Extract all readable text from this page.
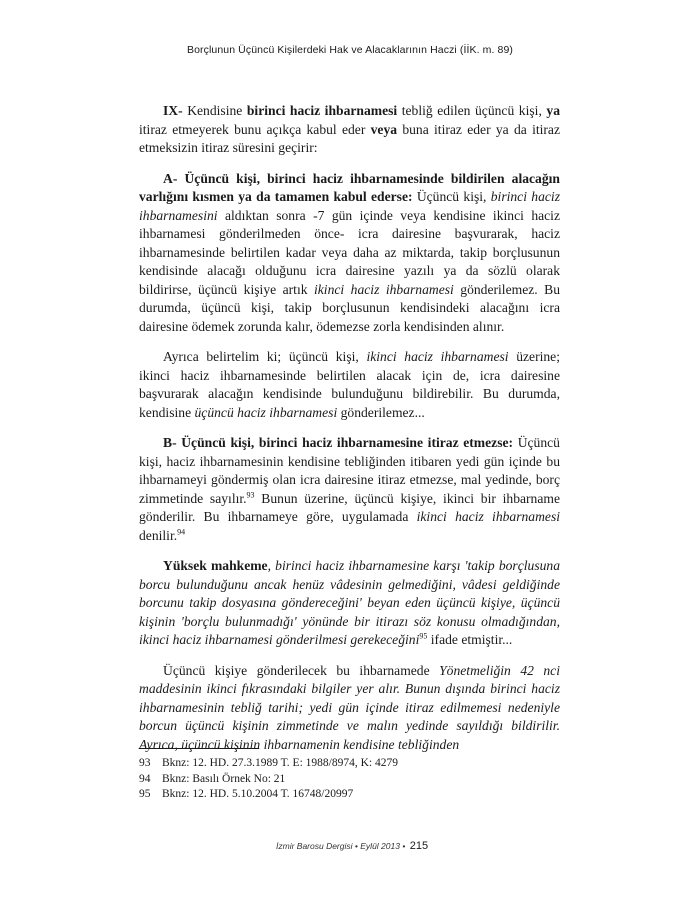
Borçlunun Üçüncü Kişilerdeki Hak ve Alacaklarının Haczi (İİK. m. 89)

IX- Kendisine birinci haciz ihbarnamesi tebliğ edilen üçüncü kişi, ya itiraz etmeyerek bunu açıkça kabul eder veya buna itiraz eder ya da itiraz etmeksizin itiraz süresini geçirir:

A- Üçüncü kişi, birinci haciz ihbarnamesinde bildirilen alacağın varlığını kısmen ya da tamamen kabul ederse: Üçüncü kişi, birinci haciz ihbarnamesini aldıktan sonra -7 gün içinde veya kendisine ikinci haciz ihbarnamesi gönderilmeden önce- icra dairesine başvurarak, haciz ihbarnamesinde belirtilen kadar veya daha az miktarda, takip borçlusunun kendisinde alacağı olduğunu icra dairesine yazılı ya da sözlü olarak bildirirse, üçüncü kişiye artık ikinci haciz ihbarnamesi gönderilemez. Bu durumda, üçüncü kişi, takip borçlusunun kendisindeki alacağını icra dairesine ödemek zorunda kalır, ödemezse zorla kendisinden alınır.

Ayrıca belirtelim ki; üçüncü kişi, ikinci haciz ihbarnamesi üzerine; ikinci haciz ihbarnamesinde belirtilen alacak için de, icra dairesine başvurarak alacağın kendisinde bulunduğunu bildirebilir. Bu durumda, kendisine üçüncü haciz ihbarnamesi gönderilemez...

B- Üçüncü kişi, birinci haciz ihbarnamesine itiraz etmezse: Üçüncü kişi, haciz ihbarnamesinin kendisine tebliğinden itibaren yedi gün içinde bu ihbarnameyi göndermiş olan icra dairesine itiraz etmezse, mal yedinde, borç zimmetinde sayılır.$^{93}$ Bunun üzerine, üçüncü kişiye, ikinci bir ihbarname gönderilir. Bu ihbarnameye göre, uygulamada ikinci haciz ihbarnamesi denilir.$^{94}$

Yüksek mahkeme, birinci haciz ihbarnamesine karşı 'takip borçlusuna borcu bulunduğunu ancak henüz vâdesinin gelmediğini, vâdesi geldiğinde borcunu takip dosyasına göndereceğini' beyan eden üçüncü kişiye, üçüncü kişinin 'borçlu bulunmadığı' yönünde bir itirazı söz konusu olmadığından, ikinci haciz ihbarnamesi gönderilmesi gerekeceğini$^{95}$ ifade etmiştir...

Üçüncü kişiye gönderilecek bu ihbarnamede Yönetmeliğin 42 nci maddesinin ikinci fıkrasındaki bilgiler yer alır. Bunun dışında birinci haciz ihbarnamesinin tebliğ tarihi; yedi gün içinde itiraz edilmemesi nedeniyle borcun üçüncü kişinin zimmetinde ve malın yedinde sayıldığı bildirilir. Ayrıca, üçüncü kişinin ihbarnamenin kendisine tebliğinden

93	Bknz: 12. HD. 27.3.1989 T. E: 1988/8974, K: 4279
94	Bknz: Basılı Örnek No: 21
95	Bknz: 12. HD. 5.10.2004 T. 16748/20997
İzmir Barosu Dergisi • Eylül 2013 • 215
